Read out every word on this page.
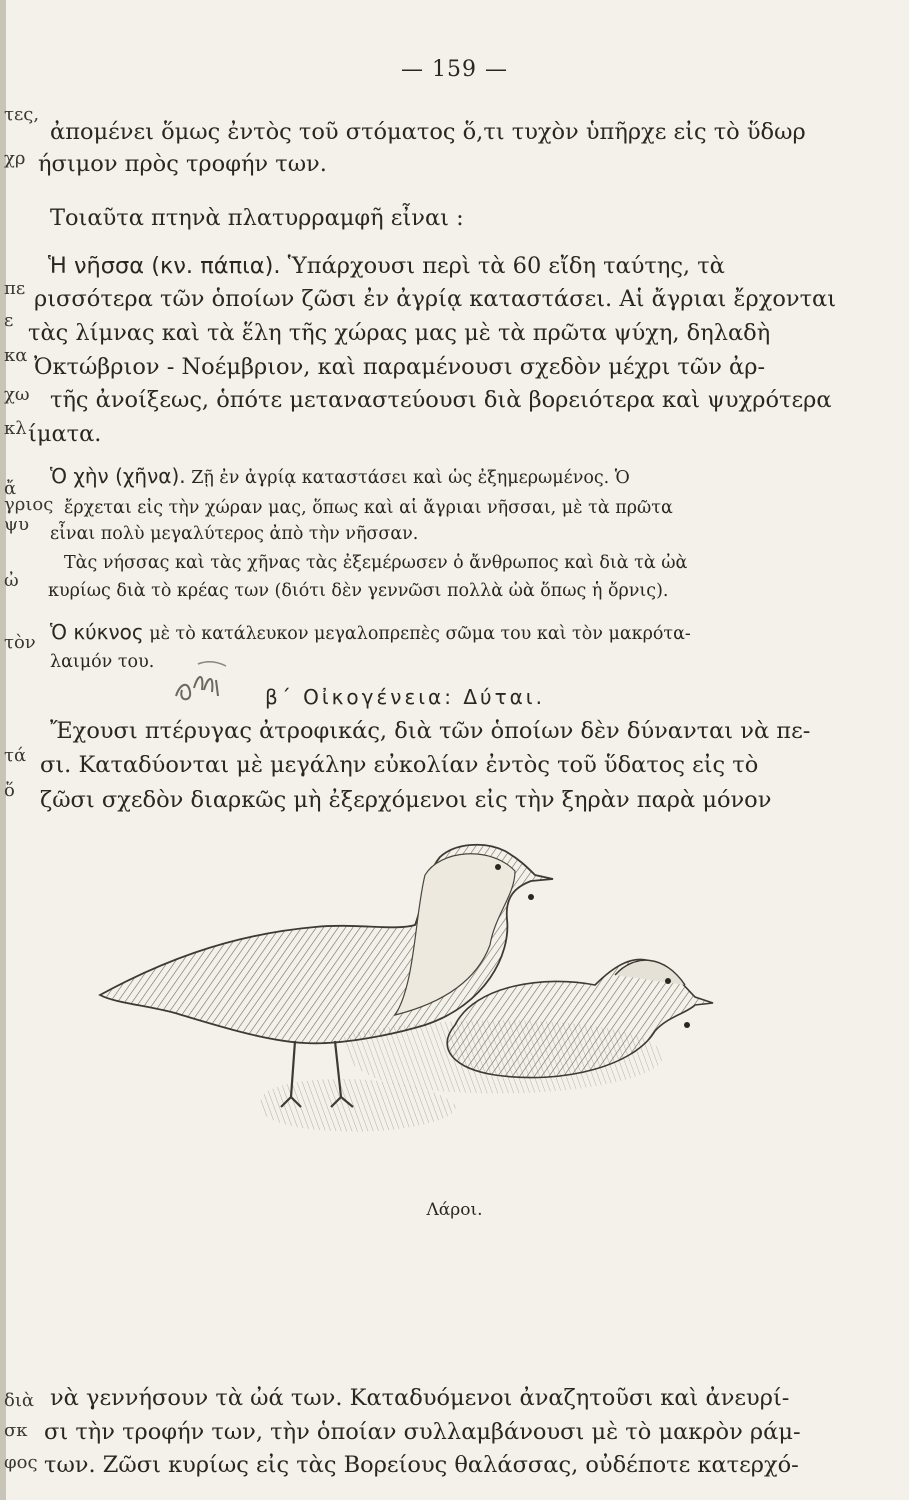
— 159 —
τες,
χρ
πε
ε
κα
χω
κλ
ἄ
γριος
ψυ
ὠ
τὸν
τά
ὅ
διὰ
σκ
φος
ἀπομένει ὅμως ἐντὸς τοῦ στόματος ὅ,τι τυχὸν ὑπῆρχε εἰς τὸ ὕδωρ
ήσιμον πρὸς τροφήν των.
Τοιαῦτα πτηνὰ πλατυρραμφῆ εἶναι :
Ἡ νῆσσα (κν. πάπια). Ὑπάρχουσι περὶ τὰ 60 εἴδη ταύτης, τὰ
ρισσότερα τῶν ὁποίων ζῶσι ἐν ἀγρίᾳ καταστάσει. Αἱ ἄγριαι ἔρχονται
τὰς λίμνας καὶ τὰ ἕλη τῆς χώρας μας μὲ τὰ πρῶτα ψύχη, δηλαδὴ
Ὀκτώβριον - Νοέμβριον, καὶ παραμένουσι σχεδὸν μέχρι τῶν ἀρ-
τῆς ἀνοίξεως, ὁπότε μεταναστεύουσι διὰ βορειότερα καὶ ψυχρότερα
ίματα.
Ὁ χὴν (χῆνα). Ζῇ ἐν ἀγρίᾳ καταστάσει καὶ ὡς ἐξημερωμένος. Ὁ
ἔρχεται εἰς τὴν χώραν μας, ὅπως καὶ αἱ ἄγριαι νῆσσαι, μὲ τὰ πρῶτα
εἶναι πολὺ μεγαλύτερος ἀπὸ τὴν νῆσσαν.
Τὰς νήσσας καὶ τὰς χῆνας τὰς ἐξεμέρωσεν ὁ ἄνθρωπος καὶ διὰ τὰ ὠὰ
κυρίως διὰ τὸ κρέας των (διότι δὲν γεννῶσι πολλὰ ὠὰ ὅπως ἡ ὄρνις).
Ὁ κύκνος μὲ τὸ κατάλευκον μεγαλοπρεπὲς σῶμα του καὶ τὸν μακρότα-
λαιμόν του.
β΄ Οἰκογένεια: Δύται.
Ἔχουσι πτέρυγας ἀτροφικάς, διὰ τῶν ὁποίων δὲν δύνανται νὰ πε-
σι. Καταδύονται μὲ μεγάλην εὐκολίαν ἐντὸς τοῦ ὕδατος εἰς τὸ
ζῶσι σχεδὸν διαρκῶς μὴ ἐξερχόμενοι εἰς τὴν ξηρὰν παρὰ μόνον
Λάροι.
νὰ γεννήσουν τὰ ὠά των. Καταδυόμενοι ἀναζητοῦσι καὶ ἀνευρί-
σι τὴν τροφήν των, τὴν ὁποίαν συλλαμβάνουσι μὲ τὸ μακρὸν ράμ-
των. Ζῶσι κυρίως εἰς τὰς Βορείους θαλάσσας, οὐδέποτε κατερχό-
